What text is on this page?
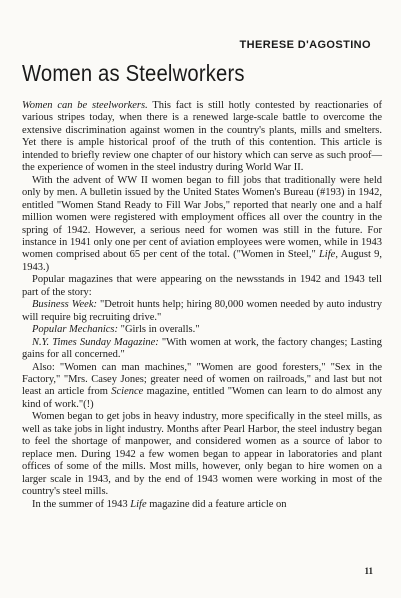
THERESE D'AGOSTINO

Women as Steelworkers

Women can be steelworkers. This fact is still hotly contested by reactionaries of various stripes today, when there is a renewed large-scale battle to overcome the extensive discrimination against women in the country's plants, mills and smelters. Yet there is ample historical proof of the truth of this contention. This article is intended to briefly review one chapter of our history which can serve as such proof—the experience of women in the steel industry during World War II.

With the advent of WW II women began to fill jobs that traditionally were held only by men. A bulletin issued by the United States Women's Bureau (#193) in 1942, entitled "Women Stand Ready to Fill War Jobs," reported that nearly one and a half million women were registered with employment offices all over the country in the spring of 1942. However, a serious need for women was still in the future. For instance in 1941 only one per cent of aviation employees were women, while in 1943 women comprised about 65 per cent of the total. ("Women in Steel," Life, August 9, 1943.)

Popular magazines that were appearing on the newsstands in 1942 and 1943 tell part of the story:

Business Week: "Detroit hunts help; hiring 80,000 women needed by auto industry will require big recruiting drive."

Popular Mechanics: "Girls in overalls."

N.Y. Times Sunday Magazine: "With women at work, the factory changes; Lasting gains for all concerned."

Also: "Women can man machines," "Women are good foresters," "Sex in the Factory," "Mrs. Casey Jones; greater need of women on railroads," and last but not least an article from Science magazine, entitled "Women can learn to do almost any kind of work."(!)

Women began to get jobs in heavy industry, more specifically in the steel mills, as well as take jobs in light industry. Months after Pearl Harbor, the steel industry began to feel the shortage of manpower, and considered women as a source of labor to replace men. During 1942 a few women began to appear in laboratories and plant offices of some of the mills. Most mills, however, only began to hire women on a larger scale in 1943, and by the end of 1943 women were working in most of the country's steel mills.

In the summer of 1943 Life magazine did a feature article on

11
